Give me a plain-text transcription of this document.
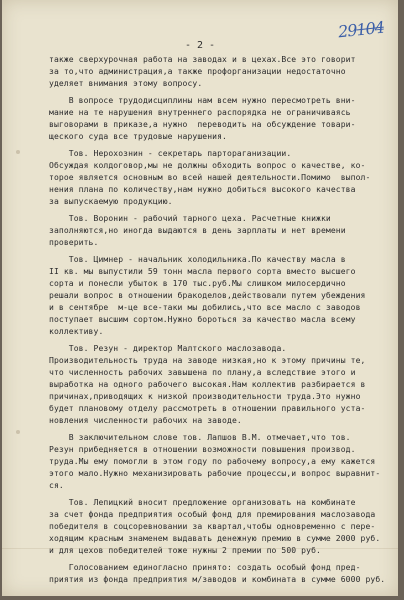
- 2 -
29104
также сверхурочная работа на заводах и в цехах.Все это говорит
за то,что администрация,а также профорганизации недостаточно
уделяет внимания этому вопросу.
В вопросе трудодисциплины нам всем нужно пересмотреть вни-
мание на те нарушения внутреннего распорядка не ограничиваясь
выговорами в приказе,а нужно  переводить на обсуждение товари-
щеского суда все трудовые нарушения.
Тов. Нерохознин - секретарь партораганизации.
Обсуждая колдоговор,мы не должны обходить вопрос о качестве, ко-
торое является основным во всей нашей деятельности.Помимо  выпол-
нения плана по количеству,нам нужно добиться высокого качества
за выпускаемую продукцию.
Тов. Воронин - рабочий тарного цеха. Расчетные книжки
заполняются,но иногда выдаются в день зарплаты и нет времени
проверить.
Тов. Цимнер - начальник холодильника.По качеству масла в
II кв. мы выпустили 59 тонн масла первого сорта вместо высшего
сорта и понесли убыток в 170 тыс.руб.Мы слишком милосердично
решали вопрос в отношении бракоделов,действовали путем убеждения
и в сентябре  м-це все-таки мы добились,что все масло с заводов
поступает высшим сортом.Нужно бороться за качество масла всему
коллективу.
Тов. Резун - директор Малтского маслозавода.
Производительность труда на заводе низкая,но к этому причины те,
что численность рабочих завышена по плану,а вследствие этого и
выработка на одного рабочего высокая.Нам коллектив разбирается в
причинах,приводящих к низкой производительности труда.Это нужно
будет плановому отделу рассмотреть в отношении правильного уста-
новления численности рабочих на заводе.
В заключительном слове тов. Лапшов В.М. отмечает,что тов.
Резун прибедняется в отношении возможности повышения производ.
труда.Мы ему помогли в этом году по рабочему вопросу,а ему кажется
этого мало.Нужно механизировать рабочие процессы,и вопрос выравнит-
ся.
Тов. Лепицкий вносит предложение организовать на комбинате
за счет фонда предприятия особый фонд для премирования маслозавода
победителя в соцсоревновании за квартал,чтобы одновременно с пере-
ходящим красным знаменем выдавать денежную премию в сумме 2000 руб.
и для цехов победителей тоже нужны 2 премии по 500 руб.
Голосованием единогласно принято: создать особый фонд пред-
приятия из фонда предприятия м/заводов и комбината в сумме 6000 руб.
